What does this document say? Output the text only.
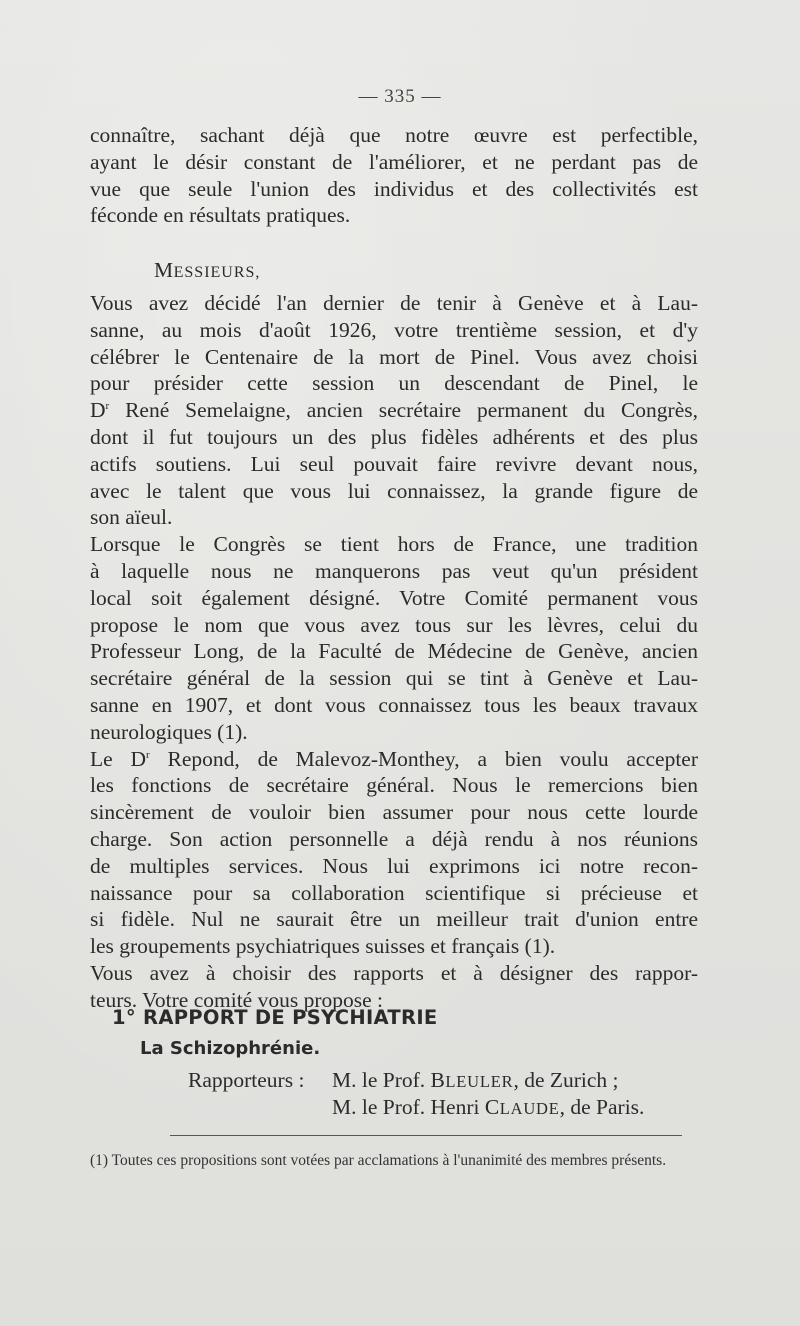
— 335 —
connaître, sachant déjà que notre œuvre est perfectible,
ayant le désir constant de l'améliorer, et ne perdant pas de
vue que seule l'union des individus et des collectivités est
féconde en résultats pratiques.
MESSIEURS,
Vous avez décidé l'an dernier de tenir à Genève et à Lau-
sanne, au mois d'août 1926, votre trentième session, et d'y
célébrer le Centenaire de la mort de Pinel. Vous avez choisi
pour présider cette session un descendant de Pinel, le
$D^r$ René Semelaigne, ancien secrétaire permanent du Congrès,
dont il fut toujours un des plus fidèles adhérents et des plus
actifs soutiens. Lui seul pouvait faire revivre devant nous,
avec le talent que vous lui connaissez, la grande figure de
son aïeul.
Lorsque le Congrès se tient hors de France, une tradition
à laquelle nous ne manquerons pas veut qu'un président
local soit également désigné. Votre Comité permanent vous
propose le nom que vous avez tous sur les lèvres, celui du
Professeur Long, de la Faculté de Médecine de Genève, ancien
secrétaire général de la session qui se tint à Genève et Lau-
sanne en 1907, et dont vous connaissez tous les beaux travaux
neurologiques (1).
Le $D^r$ Repond, de Malevoz-Monthey, a bien voulu accepter
les fonctions de secrétaire général. Nous le remercions bien
sincèrement de vouloir bien assumer pour nous cette lourde
charge. Son action personnelle a déjà rendu à nos réunions
de multiples services. Nous lui exprimons ici notre recon-
naissance pour sa collaboration scientifique si précieuse et
si fidèle. Nul ne saurait être un meilleur trait d'union entre
les groupements psychiatriques suisses et français (1).
Vous avez à choisir des rapports et à désigner des rappor-
teurs. Votre comité vous propose :
1° RAPPORT DE PSYCHIATRIE
La Schizophrénie.
Rapporteurs : M. le Prof. BLEULER, de Zurich ;
M. le Prof. Henri CLAUDE, de Paris.
(1) Toutes ces propositions sont votées par acclamations à l'unanimité des membres présents.
